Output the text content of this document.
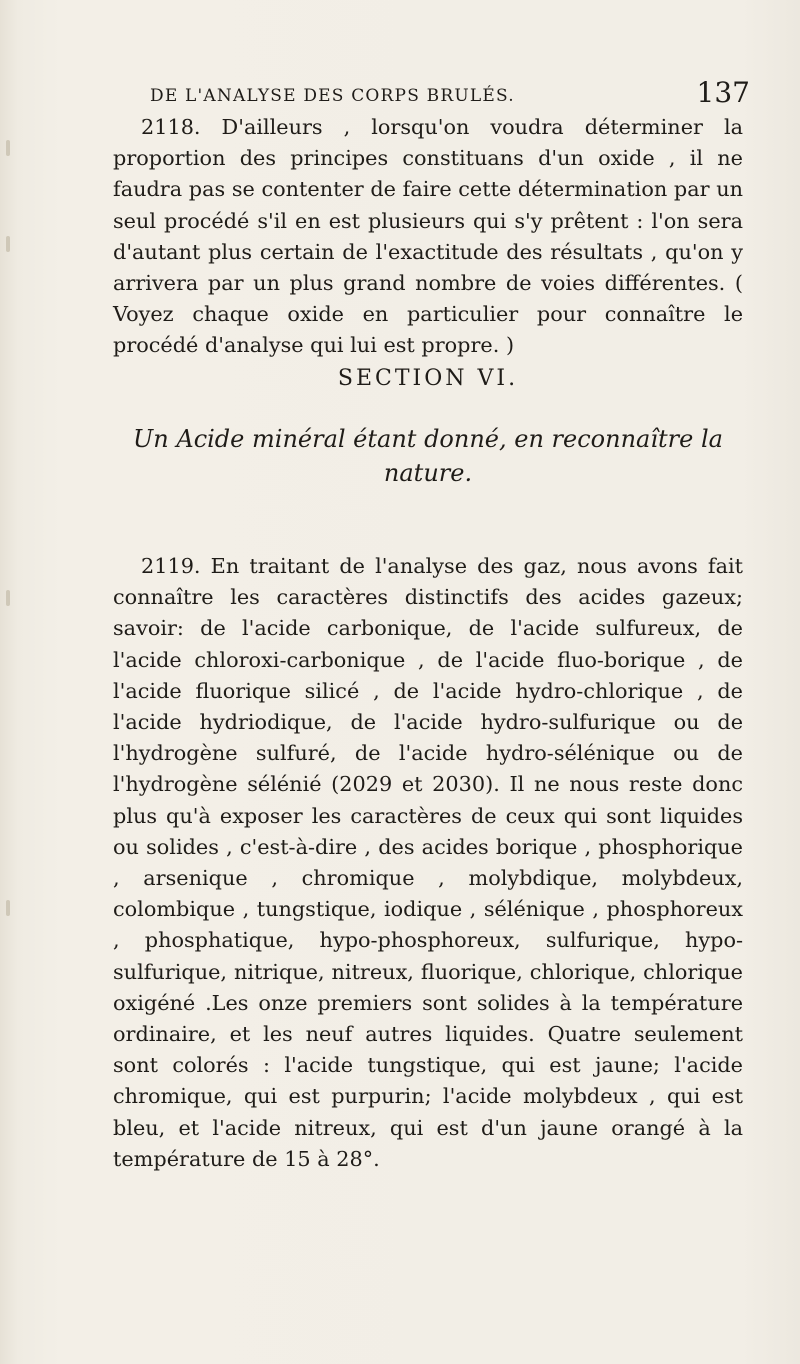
DE L'ANALYSE DES CORPS BRULÉS.	137

2118. D'ailleurs , lorsqu'on voudra déterminer la proportion des principes constituans d'un oxide , il ne faudra pas se contenter de faire cette détermination par un seul procédé s'il en est plusieurs qui s'y prêtent : l'on sera d'autant plus certain de l'exactitude des résultats , qu'on y arrivera par un plus grand nombre de voies différentes. ( Voyez chaque oxide en particulier pour connaître le procédé d'analyse qui lui est propre. )

SECTION VI.
Un Acide minéral étant donné, en reconnaître la nature.

2119. En traitant de l'analyse des gaz, nous avons fait connaître les caractères distinctifs des acides gazeux; savoir: de l'acide carbonique, de l'acide sulfureux, de l'acide chloroxi-carbonique , de l'acide fluo-borique , de l'acide fluorique silicé , de l'acide hydro-chlorique , de l'acide hydriodique, de l'acide hydro-sulfurique ou de l'hydrogène sulfuré, de l'acide hydro-sélénique ou de l'hydrogène sélénié (2029 et 2030). Il ne nous reste donc plus qu'à exposer les caractères de ceux qui sont liquides ou solides , c'est-à-dire , des acides borique , phosphorique , arsenique , chromique , molybdique, molybdeux, colombique , tungstique, iodique , sélénique , phosphoreux , phosphatique, hypo-phosphoreux, sulfurique, hypo-sulfurique, nitrique, nitreux, fluorique, chlorique, chlorique oxigéné .Les onze premiers sont solides à la température ordinaire, et les neuf autres liquides. Quatre seulement sont colorés : l'acide tungstique, qui est jaune; l'acide chromique, qui est purpurin; l'acide molybdeux , qui est bleu, et l'acide nitreux, qui est d'un jaune orangé à la température de 15 à 28°.
